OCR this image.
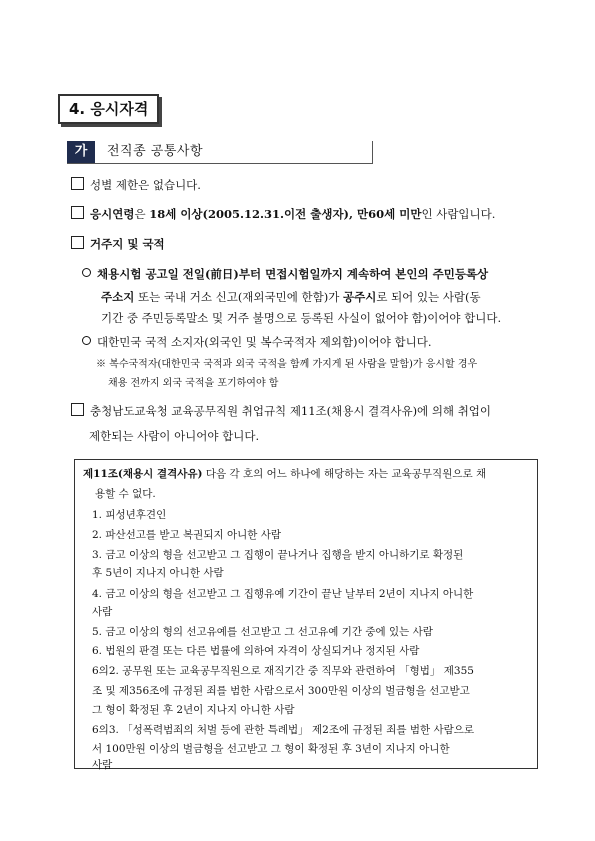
4. 응시자격
가	전직종 공통사항
성별 제한은 없습니다.
응시연령은 18세 이상(2005.12.31.이전 출생자), 만60세 미만인 사람입니다.
거주지 및 국적
채용시험 공고일 전일(前日)부터 면접시험일까지 계속하여 본인의 주민등록상
주소지 또는 국내 거소 신고(재외국민에 한함)가 공주시로 되어 있는 사람(동
기간 중 주민등록말소 및 거주 불명으로 등록된 사실이 없어야 함)이어야 합니다.
대한민국 국적 소지자(외국인 및 복수국적자 제외함)이어야 합니다.
※ 복수국적자(대한민국 국적과 외국 국적을 함께 가지게 된 사람을 말함)가 응시할 경우
채용 전까지 외국 국적을 포기하여야 함
충청남도교육청 교육공무직원 취업규칙 제11조(채용시 결격사유)에 의해 취업이
제한되는 사람이 아니어야 합니다.
제11조(채용시 결격사유) 다음 각 호의 어느 하나에 해당하는 자는 교육공무직원으로 채
용할 수 없다.
1. 피성년후견인
2. 파산선고를 받고 복권되지 아니한 사람
3. 금고 이상의 형을 선고받고 그 집행이 끝나거나 집행을 받지 아니하기로 확정된
후 5년이 지나지 아니한 사람
4. 금고 이상의 형을 선고받고 그 집행유예 기간이 끝난 날부터 2년이 지나지 아니한
사람
5. 금고 이상의 형의 선고유예를 선고받고 그 선고유예 기간 중에 있는 사람
6. 법원의 판결 또는 다른 법률에 의하여 자격이 상실되거나 정지된 사람
6의2. 공무원 또는 교육공무직원으로 재직기간 중 직무와 관련하여 「형법」 제355
조 및 제356조에 규정된 죄를 범한 사람으로서 300만원 이상의 벌금형을 선고받고
그 형이 확정된 후 2년이 지나지 아니한 사람
6의3. 「성폭력범죄의 처벌 등에 관한 특례법」 제2조에 규정된 죄를 범한 사람으로
서 100만원 이상의 벌금형을 선고받고 그 형이 확정된 후 3년이 지나지 아니한
사람
